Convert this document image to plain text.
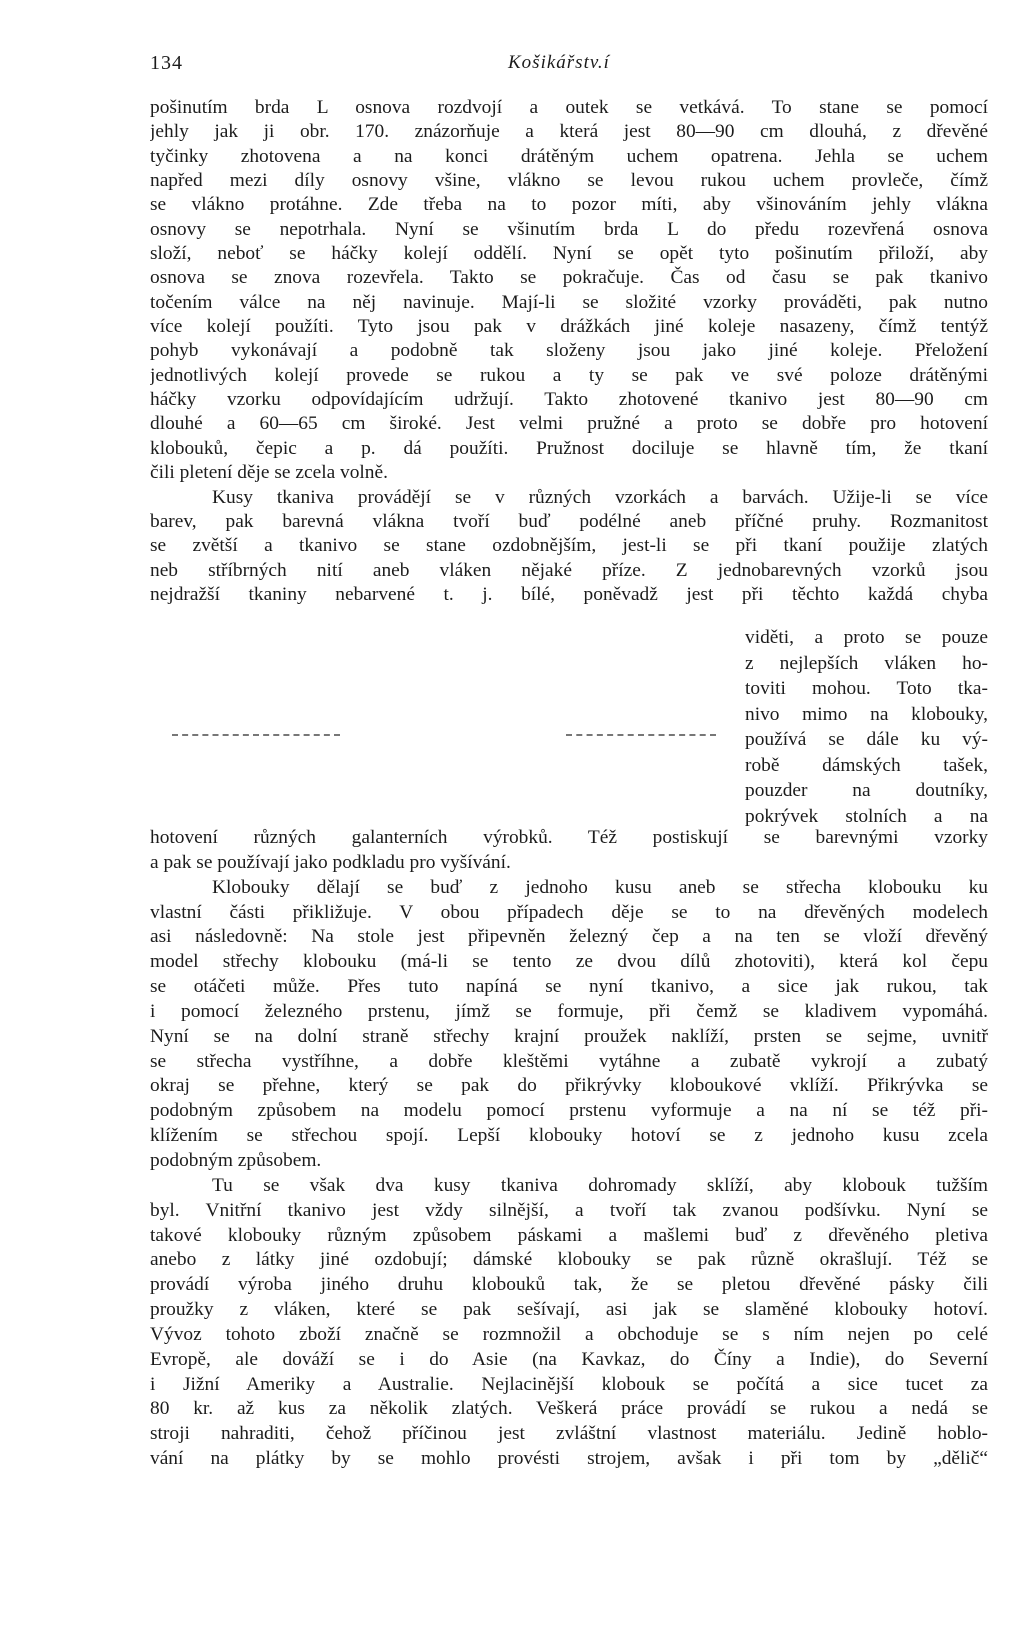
134	Košikářstv.í
pošinutím brda L osnova rozdvojí a outek se vetkává. To stane se pomocí
jehly jak ji obr. 170. znázorňuje a která jest 80—90 cm dlouhá, z dřevěné
tyčinky zhotovena a na konci drátěným uchem opatrena. Jehla se uchem
napřed mezi díly osnovy všine, vlákno se levou rukou uchem provleče, čímž
se vlákno protáhne. Zde třeba na to pozor míti, aby všinováním jehly vlákna
osnovy se nepotrhala. Nyní se všinutím brda L do předu rozevřená osnova
složí, neboť se háčky kolejí oddělí. Nyní se opět tyto pošinutím přiloží, aby
osnova se znova rozevřela. Takto se pokračuje. Čas od času se pak tkanivo
točením válce na něj navinuje. Mají-li se složité vzorky prováděti, pak nutno
více kolejí použíti. Tyto jsou pak v drážkách jiné koleje nasazeny, čímž tentýž
pohyb vykonávají a podobně tak složeny jsou jako jiné koleje. Přeložení
jednotlivých kolejí provede se rukou a ty se pak ve své poloze drátěnými
háčky vzorku odpovídajícím udržují. Takto zhotovené tkanivo jest 80—90 cm
dlouhé a 60—65 cm široké. Jest velmi pružné a proto se dobře pro hotovení
klobouků, čepic a p. dá použíti. Pružnost dociluje se hlavně tím, že tkaní
čili pletení děje se zcela volně.
Kusy tkaniva provádějí se v různých vzorkách a barvách. Užije-li se více
barev, pak barevná vlákna tvoří buď podélné aneb příčné pruhy. Rozmanitost
se zvětší a tkanivo se stane ozdobnějším, jest-li se při tkaní použije zlatých
neb stříbrných nití aneb vláken nějaké příze. Z jednobarevných vzorků jsou
nejdražší tkaniny nebarvené t. j. bílé, poněvadž jest při těchto každá chyba
viděti, a proto se pouze
z nejlepších vláken ho-
toviti mohou. Toto tka-
nivo mimo na klobouky,
používá se dále ku vý-
robě dámských tašek,
pouzder na doutníky,
pokrývek stolních a na
hotovení různých galanterních výrobků. Též postiskují se barevnými vzorky
a pak se používají jako podkladu pro vyšívání.
Klobouky dělají se buď z jednoho kusu aneb se střecha klobouku ku
vlastní části přikližuje. V obou případech děje se to na dřevěných modelech
asi následovně: Na stole jest připevněn železný čep a na ten se vloží dřevěný
model střechy klobouku (má-li se tento ze dvou dílů zhotoviti), která kol čepu
se otáčeti může. Přes tuto napíná se nyní tkanivo, a sice jak rukou, tak
i pomocí železného prstenu, jímž se formuje, při čemž se kladivem vypomáhá.
Nyní se na dolní straně střechy krajní proužek naklíží, prsten se sejme, uvnitř
se střecha vystříhne, a dobře kleštěmi vytáhne a zubatě vykrojí a zubatý
okraj se přehne, který se pak do přikrývky kloboukové vklíží. Přikrývka se
podobným způsobem na modelu pomocí prstenu vyformuje a na ní se též při-
klížením se střechou spojí. Lepší klobouky hotoví se z jednoho kusu zcela
podobným způsobem.
Tu se však dva kusy tkaniva dohromady sklíží, aby klobouk tužším
byl. Vnitřní tkanivo jest vždy silnější, a tvoří tak zvanou podšívku. Nyní se
takové klobouky různým způsobem páskami a mašlemi buď z dřevěného pletiva
anebo z látky jiné ozdobují; dámské klobouky se pak různě okrašlují. Též se
provádí výroba jiného druhu klobouků tak, že se pletou dřevěné pásky čili
proužky z vláken, které se pak sešívají, asi jak se slaměné klobouky hotoví.
Vývoz tohoto zboží značně se rozmnožil a obchoduje se s ním nejen po celé
Evropě, ale dováží se i do Asie (na Kavkaz, do Číny a Indie), do Severní
i Jižní Ameriky a Australie. Nejlacinější klobouk se počítá a sice tucet za
80 kr. až kus za několik zlatých. Veškerá práce provádí se rukou a nedá se
stroji nahraditi, čehož příčinou jest zvláštní vlastnost materiálu. Jedině hoblo-
vání na plátky by se mohlo provésti strojem, avšak i při tom by „dělič“
